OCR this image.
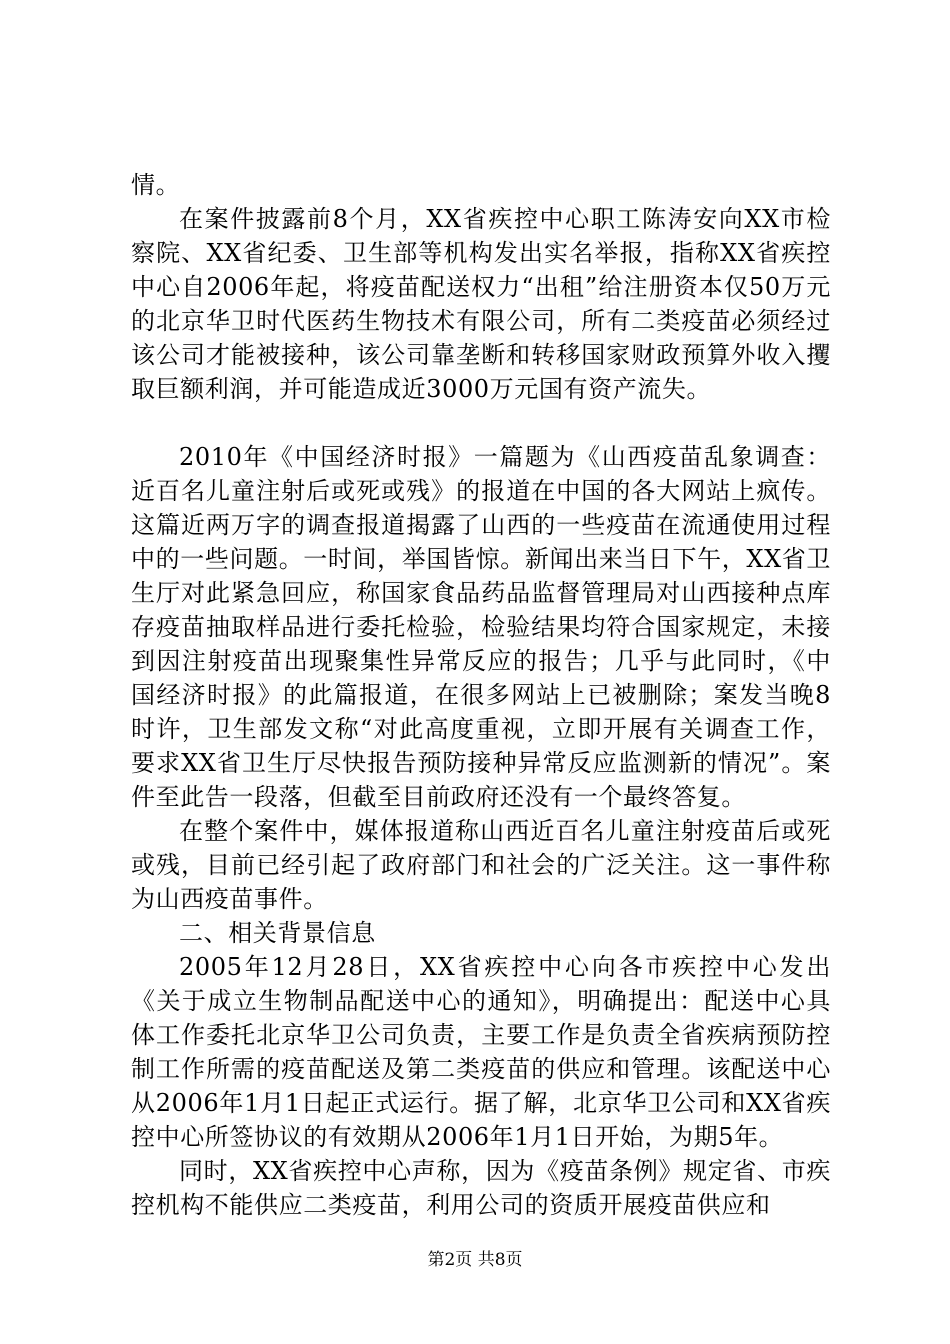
情。

在案件披露前8个月，XX省疾控中心职工陈涛安向XX市检察院、XX省纪委、卫生部等机构发出实名举报，指称XX省疾控中心自2006年起，将疫苗配送权力“出租”给注册资本仅50万元的北京华卫时代医药生物技术有限公司，所有二类疫苗必须经过该公司才能被接种，该公司靠垄断和转移国家财政预算外收入攫取巨额利润，并可能造成近3000万元国有资产流失。

2010年《中国经济时报》一篇题为《山西疫苗乱象调查：近百名儿童注射后或死或残》的报道在中国的各大网站上疯传。这篇近两万字的调查报道揭露了山西的一些疫苗在流通使用过程中的一些问题。一时间，举国皆惊。新闻出来当日下午，XX省卫生厅对此紧急回应，称国家食品药品监督管理局对山西接种点库存疫苗抽取样品进行委托检验，检验结果均符合国家规定，未接到因注射疫苗出现聚集性异常反应的报告；几乎与此同时，《中国经济时报》的此篇报道，在很多网站上已被删除；案发当晚8时许，卫生部发文称“对此高度重视，立即开展有关调查工作，要求XX省卫生厅尽快报告预防接种异常反应监测新的情况”。案件至此告一段落，但截至目前政府还没有一个最终答复。

在整个案件中，媒体报道称山西近百名儿童注射疫苗后或死或残，目前已经引起了政府部门和社会的广泛关注。这一事件称为山西疫苗事件。

二、相关背景信息

2005年12月28日，XX省疾控中心向各市疾控中心发出《关于成立生物制品配送中心的通知》，明确提出：配送中心具体工作委托北京华卫公司负责，主要工作是负责全省疾病预防控制工作所需的疫苗配送及第二类疫苗的供应和管理。该配送中心从2006年1月1日起正式运行。据了解，北京华卫公司和XX省疾控中心所签协议的有效期从2006年1月1日开始，为期5年。

同时，XX省疾控中心声称，因为《疫苗条例》规定省、市疾控机构不能供应二类疫苗，利用公司的资质开展疫苗供应和

第2页 共8页
